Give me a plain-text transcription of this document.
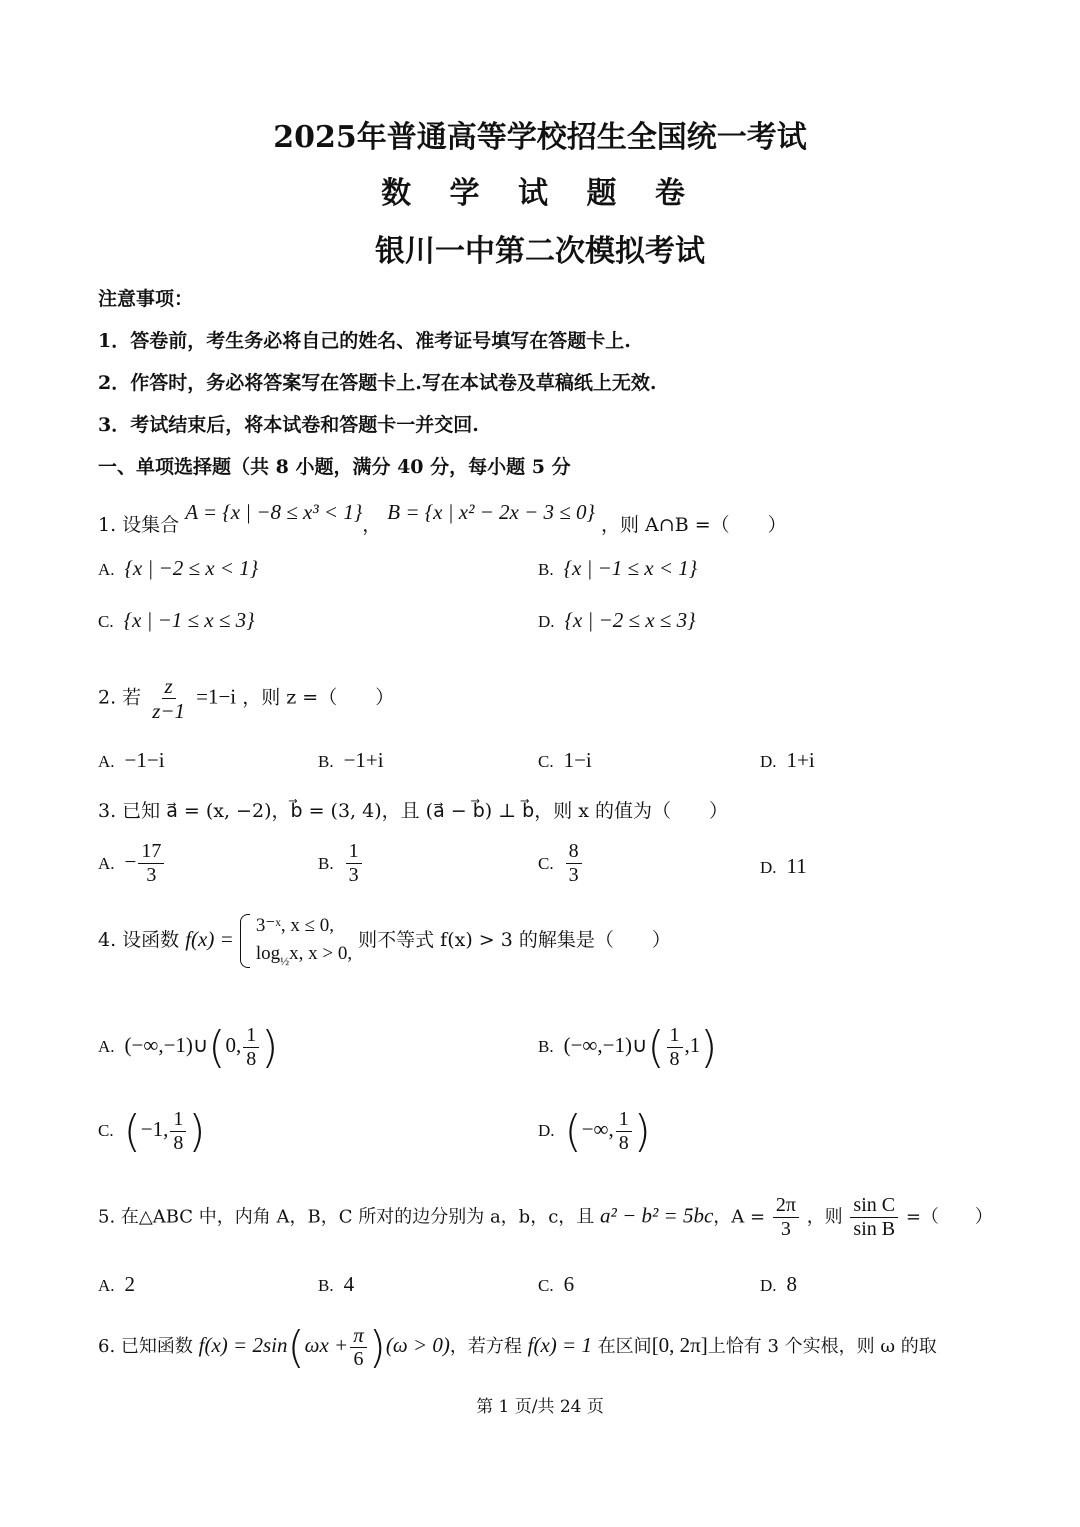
2025年普通高等学校招生全国统一考试
数 学 试 题 卷
银川一中第二次模拟考试
注意事项：
1．答卷前，考生务必将自己的姓名、准考证号填写在答题卡上.
2．作答时，务必将答案写在答题卡上.写在本试卷及草稿纸上无效.
3．考试结束后，将本试卷和答题卡一并交回.
一、单项选择题（共 8 小题，满分 40 分，每小题 5 分
1. 设集合 A = {x | −8 ≤ x³ < 1}， B = {x | x² − 2x − 3 ≤ 0} ，则 A∩B =（　　）
A. {x | −2 ≤ x < 1}	B. {x | −1 ≤ x < 1}
C. {x | −1 ≤ x ≤ 3}	D. {x | −2 ≤ x ≤ 3}
2. 若 $\frac{z}{z-1} =1-i$ ，则 z =（　　）
A. −1−i	B. −1+i	C. 1−i	D. 1+i
3. 已知 a⃗ = (x, −2)，b⃗ = (3, 4)，且 (a⃗ − b⃗) ⊥ b⃗，则 x 的值为（　　）
A. − $\frac{17}{3}$	B. $\frac{1}{3}$	C. $\frac{8}{3}$	D. 11
4. 设函数 f(x) =
3⁻ˣ, x ≤ 0,
$\log_{\frac{1}{2}}x$, x > 0,
则不等式 f(x) > 3 的解集是（　　）
A. (−∞,−1)∪(0, $\frac{1}{8}$ )	B. (−∞,−1)∪( $\frac{1}{8} ,1$)
C. (−1, $\frac{1}{8}$ )	D. (−∞, $\frac{1}{8}$ )
5. 在△ABC 中，内角 A，B，C 所对的边分别为 a，b，c，且 a² − b² = 5bc，$A = \frac{2\pi}{3}$ ，则 $\frac{\text{sin C}}{\text{sin B}}$ =（　　）
A. 2	B. 4	C. 6	D. 8
6. 已知函数 $f(x) = 2\sin(\omega x + \frac{\pi}{6} )(\omega > 0)$，若方程 f(x) = 1 在区间[0, 2π]上恰有 3 个实根，则 ω 的取
第 1 页/共 24 页
